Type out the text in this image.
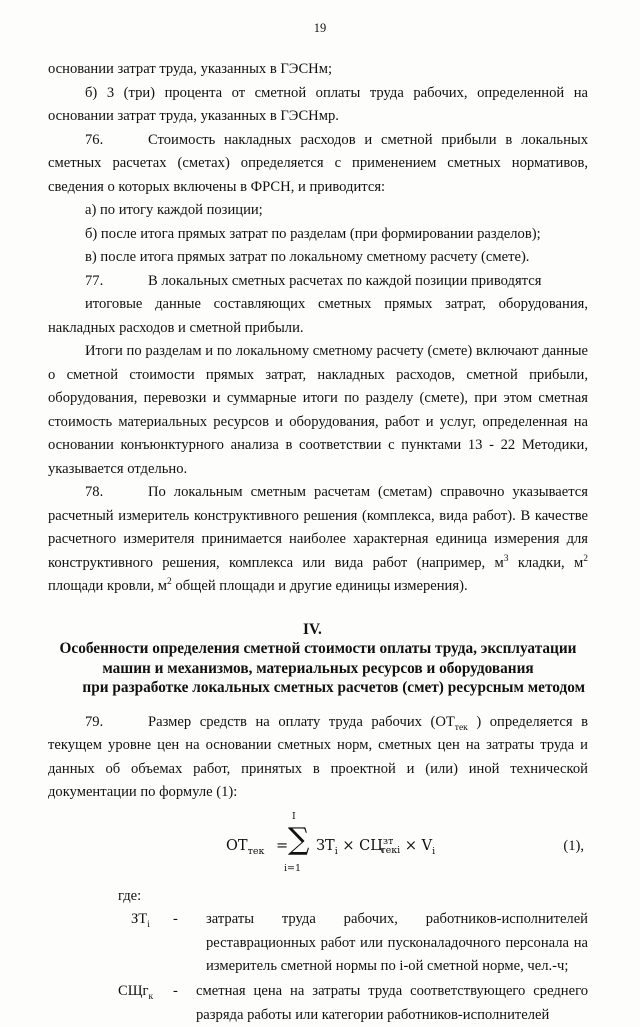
19

основании затрат труда, указанных в ГЭСНм;

б) 3 (три) процента от сметной оплаты труда рабочих, определенной на основании затрат труда, указанных в ГЭСНмр.

76.	Стоимость накладных расходов и сметной прибыли в локальных сметных расчетах (сметах) определяется с применением сметных нормативов, сведения о которых включены в ФРСН, и приводится:

а) по итогу каждой позиции;

б) после итога прямых затрат по разделам (при формировании разделов);

в) после итога прямых затрат по локальному сметному расчету (смете).

77.	В локальных сметных расчетах по каждой позиции приводятся

итоговые данные составляющих сметных прямых затрат, оборудования, накладных расходов и сметной прибыли.

Итоги по разделам и по локальному сметному расчету (смете) включают данные о сметной стоимости прямых затрат, накладных расходов, сметной прибыли, оборудования, перевозки и суммарные итоги по разделу (смете), при этом сметная стоимость материальных ресурсов и оборудования, работ и услуг, определенная на основании конъюнктурного анализа в соответствии с пунктами 13 - 22 Методики, указывается отдельно.

78.	По локальным сметным расчетам (сметам) справочно указывается расчетный измеритель конструктивного решения (комплекса, вида работ). В качестве расчетного измерителя принимается наиболее характерная единица измерения для конструктивного решения, комплекса или вида работ (например, $м^3$ кладки, $м^2$ площади кровли, $м^2$ общей площади и другие единицы измерения).

IV.Особенности определения сметной стоимости оплаты труда, эксплуатации
машин и механизмов, материальных ресурсов и оборудования
при разработке локальных сметных расчетов (смет) ресурсным методом

79.	Размер средств на оплату труда рабочих ($ОТ_{тек}$ ) определяется в текущем уровне цен на основании сметных норм, сметных цен на затраты труда и данных об объемах работ, принятых в проектной и (или) иной технической документации по формуле (1):

$ОТ_{тек}$ =
I
∑
i=1
$ЗТ_i \times СЦ^{зт}_{текi} \times V_i$	(1),

где:

$ЗТ_i$ - затраты труда рабочих, работников-исполнителей реставрационных работ или пусконаладочного персонала на измеритель сметной нормы по i-ой сметной норме, чел.-ч;
СЩг$_к$ - сметная цена на затраты труда соответствующего среднего разряда работы или категории работников-исполнителей
